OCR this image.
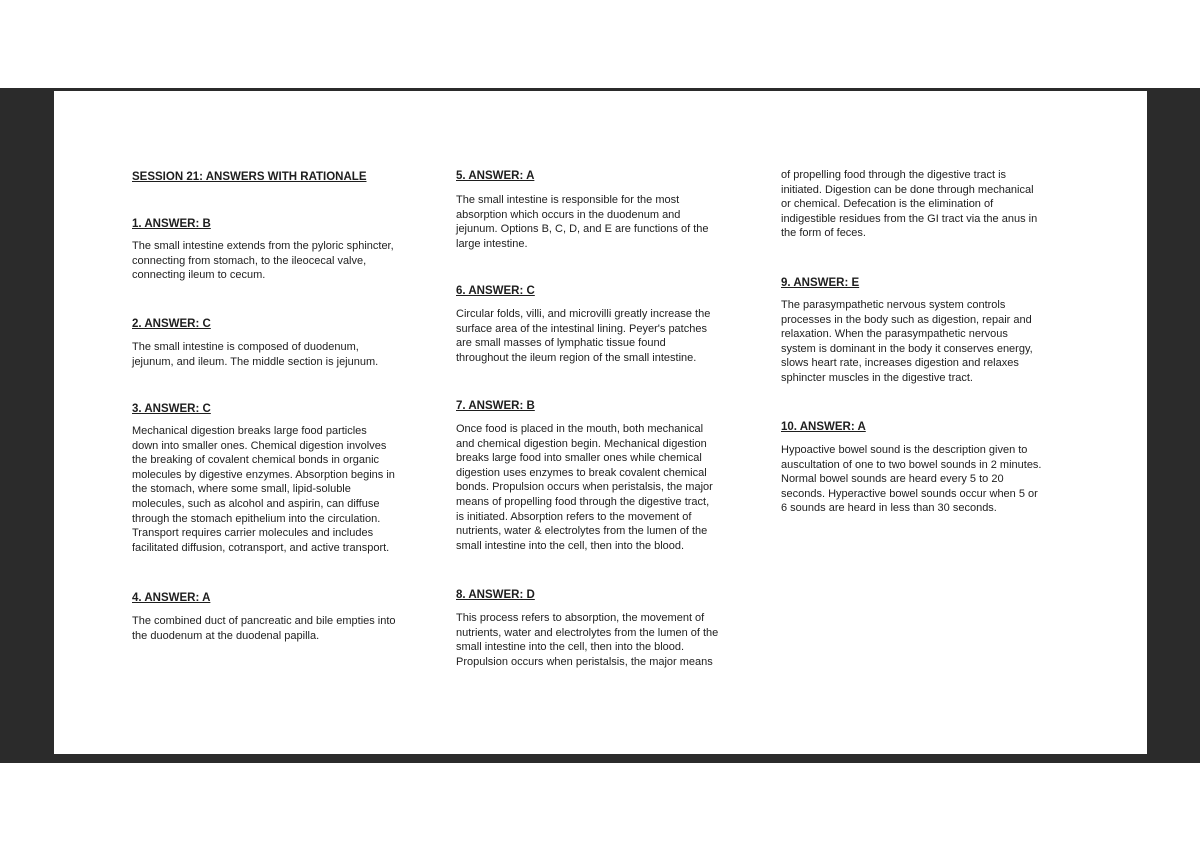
SESSION 21: ANSWERS WITH RATIONALE
1. ANSWER: B
The small intestine extends from the pyloric sphincter,
connecting from stomach, to the ileocecal valve,
connecting ileum to cecum.
2. ANSWER: C
The small intestine is composed of duodenum,
jejunum, and ileum. The middle section is jejunum.
3. ANSWER: C
Mechanical digestion breaks large food particles
down into smaller ones. Chemical digestion involves
the breaking of covalent chemical bonds in organic
molecules by digestive enzymes. Absorption begins in
the stomach, where some small, lipid-soluble
molecules, such as alcohol and aspirin, can diffuse
through the stomach epithelium into the circulation.
Transport requires carrier molecules and includes
facilitated diffusion, cotransport, and active transport.
4. ANSWER: A
The combined duct of pancreatic and bile empties into
the duodenum at the duodenal papilla.
5. ANSWER: A
The small intestine is responsible for the most
absorption which occurs in the duodenum and
jejunum. Options B, C, D, and E are functions of the
large intestine.
6. ANSWER: C
Circular folds, villi, and microvilli greatly increase the
surface area of the intestinal lining. Peyer's patches
are small masses of lymphatic tissue found
throughout the ileum region of the small intestine.
7. ANSWER: B
Once food is placed in the mouth, both mechanical
and chemical digestion begin. Mechanical digestion
breaks large food into smaller ones while chemical
digestion uses enzymes to break covalent chemical
bonds. Propulsion occurs when peristalsis, the major
means of propelling food through the digestive tract,
is initiated. Absorption refers to the movement of
nutrients, water & electrolytes from the lumen of the
small intestine into the cell, then into the blood.
8. ANSWER: D
This process refers to absorption, the movement of
nutrients, water and electrolytes from the lumen of the
small intestine into the cell, then into the blood.
Propulsion occurs when peristalsis, the major means
of propelling food through the digestive tract is
initiated. Digestion can be done through mechanical
or chemical. Defecation is the elimination of
indigestible residues from the GI tract via the anus in
the form of feces.
9. ANSWER: E
The parasympathetic nervous system controls
processes in the body such as digestion, repair and
relaxation. When the parasympathetic nervous
system is dominant in the body it conserves energy,
slows heart rate, increases digestion and relaxes
sphincter muscles in the digestive tract.
10. ANSWER: A
Hypoactive bowel sound is the description given to
auscultation of one to two bowel sounds in 2 minutes.
Normal bowel sounds are heard every 5 to 20
seconds. Hyperactive bowel sounds occur when 5 or
6 sounds are heard in less than 30 seconds.
